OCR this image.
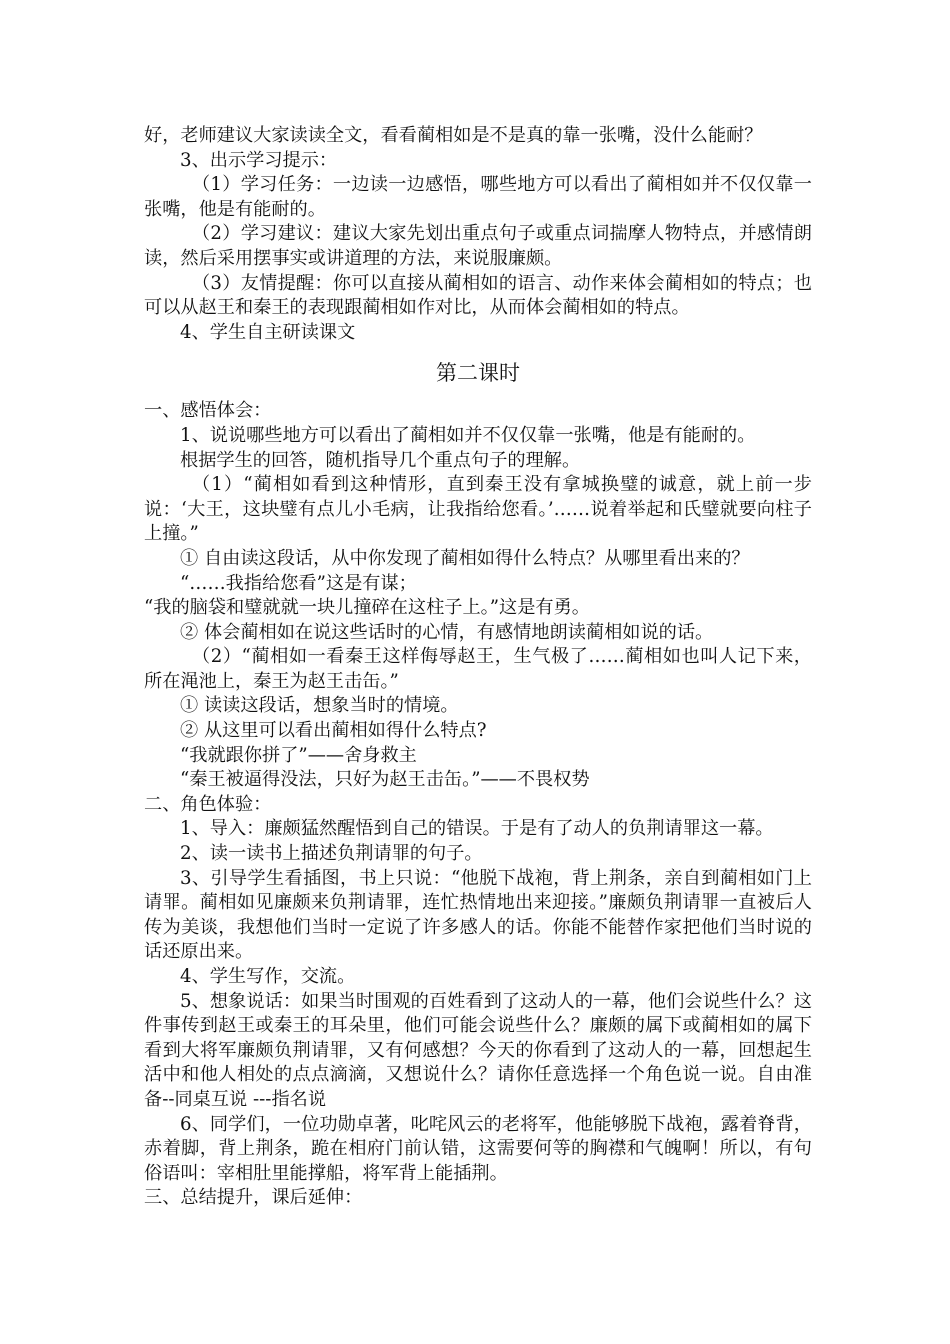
好，老师建议大家读读全文，看看蔺相如是不是真的靠一张嘴，没什么能耐？

3、出示学习提示：

（1）学习任务：一边读一边感悟，哪些地方可以看出了蔺相如并不仅仅靠一张嘴，他是有能耐的。

（2）学习建议：建议大家先划出重点句子或重点词揣摩人物特点，并感情朗读，然后采用摆事实或讲道理的方法，来说服廉颇。

（3）友情提醒：你可以直接从蔺相如的语言、动作来体会蔺相如的特点；也可以从赵王和秦王的表现跟蔺相如作对比，从而体会蔺相如的特点。

4、学生自主研读课文

第二课时

一、感悟体会：

1、说说哪些地方可以看出了蔺相如并不仅仅靠一张嘴，他是有能耐的。

根据学生的回答，随机指导几个重点句子的理解。

（1）“蔺相如看到这种情形，直到秦王没有拿城换璧的诚意，就上前一步说：‘大王，这块璧有点儿小毛病，让我指给您看。’……说着举起和氏璧就要向柱子上撞。”

① 自由读这段话，从中你发现了蔺相如得什么特点？从哪里看出来的？

“……我指给您看”这是有谋；

“我的脑袋和璧就就一块儿撞碎在这柱子上。”这是有勇。

② 体会蔺相如在说这些话时的心情，有感情地朗读蔺相如说的话。

（2）“蔺相如一看秦王这样侮辱赵王，生气极了……蔺相如也叫人记下来，所在渑池上，秦王为赵王击缶。”

① 读读这段话，想象当时的情境。

② 从这里可以看出蔺相如得什么特点?

“我就跟你拼了”——舍身救主

“秦王被逼得没法，只好为赵王击缶。”——不畏权势

二、角色体验：

1、导入：廉颇猛然醒悟到自己的错误。于是有了动人的负荆请罪这一幕。

2、读一读书上描述负荆请罪的句子。

3、引导学生看插图，书上只说：“他脱下战袍，背上荆条，亲自到蔺相如门上请罪。蔺相如见廉颇来负荆请罪，连忙热情地出来迎接。”廉颇负荆请罪一直被后人传为美谈，我想他们当时一定说了许多感人的话。你能不能替作家把他们当时说的话还原出来。

4、学生写作，交流。

5、想象说话：如果当时围观的百姓看到了这动人的一幕，他们会说些什么？这件事传到赵王或秦王的耳朵里，他们可能会说些什么？廉颇的属下或蔺相如的属下看到大将军廉颇负荆请罪，又有何感想？今天的你看到了这动人的一幕，回想起生活中和他人相处的点点滴滴，又想说什么？请你任意选择一个角色说一说。自由准备--同桌互说 ---指名说

6、同学们，一位功勋卓著，叱咤风云的老将军，他能够脱下战袍，露着脊背，赤着脚，背上荆条，跪在相府门前认错，这需要何等的胸襟和气魄啊！所以，有句俗语叫：宰相肚里能撑船，将军背上能插荆。

三、总结提升，课后延伸：
